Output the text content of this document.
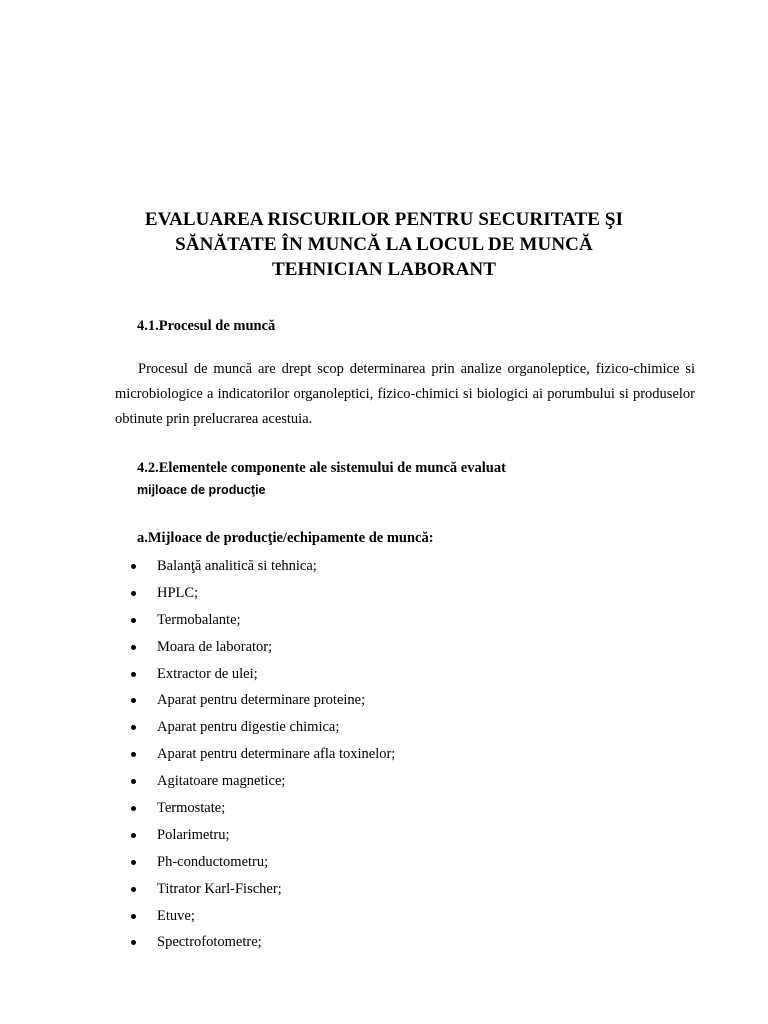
EVALUAREA RISCURILOR PENTRU SECURITATE ŞI
SĂNĂTATE ÎN MUNCĂ LA LOCUL DE MUNCĂ
TEHNICIAN LABORANT
4.1.Procesul de muncă
Procesul de muncă are drept scop determinarea prin analize organoleptice, fizico-chimice si microbiologice a indicatorilor organoleptici, fizico-chimici si biologici ai porumbului si produselor obtinute prin prelucrarea acestuia.
4.2.Elementele componente ale sistemului de muncă evaluat
mijloace de producţie
a.Mijloace de producţie/echipamente de muncă:
Balanţă analitică si tehnica;
HPLC;
Termobalante;
Moara de laborator;
Extractor de ulei;
Aparat pentru determinare proteine;
Aparat pentru digestie chimica;
Aparat pentru determinare afla toxinelor;
Agitatoare magnetice;
Termostate;
Polarimetru;
Ph-conductometru;
Titrator Karl-Fischer;
Etuve;
Spectrofotometre;
